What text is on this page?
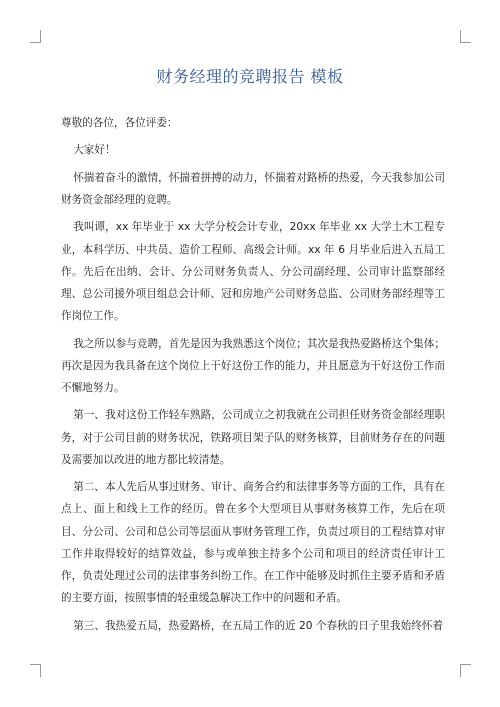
财务经理的竞聘报告 模板

尊敬的各位，各位评委：

大家好！

怀揣着奋斗的激情，怀揣着拼搏的动力，怀揣着对路桥的热爱，今天我参加公司财务资金部经理的竞聘。

我叫谭，xx 年毕业于 xx 大学分校会计专业，20xx 年毕业 xx 大学土木工程专业，本科学历、中共员、造价工程师、高级会计师。xx 年 6 月毕业后进入五局工作。先后在出纳、会计、分公司财务负责人、分公司副经理、公司审计监察部经理、总公司援外项目组总会计师、冠和房地产公司财务总监、公司财务部经理等工作岗位工作。

我之所以参与竞聘，首先是因为我熟悉这个岗位；其次是我热爱路桥这个集体；再次是因为我具备在这个岗位上干好这份工作的能力，并且愿意为干好这份工作而不懈地努力。

第一、我对这份工作轻车熟路，公司成立之初我就在公司担任财务资金部经理职务，对于公司目前的财务状况，铁路项目架子队的财务核算，目前财务存在的问题及需要加以改进的地方都比较清楚。

第二、本人先后从事过财务、审计、商务合约和法律事务等方面的工作，具有在点上、面上和线上工作的经历。曾在多个大型项目从事财务核算工作，先后在项目、分公司、公司和总公司等层面从事财务管理工作，负责过项目的工程结算对审工作并取得较好的结算效益，参与或单独主持多个公司和项目的经济责任审计工作，负责处理过公司的法律事务纠纷工作。在工作中能够及时抓住主要矛盾和矛盾的主要方面，按照事情的轻重缓急解决工作中的问题和矛盾。

第三、我热爱五局，热爱路桥，在五局工作的近 20 个春秋的日子里我始终怀着
